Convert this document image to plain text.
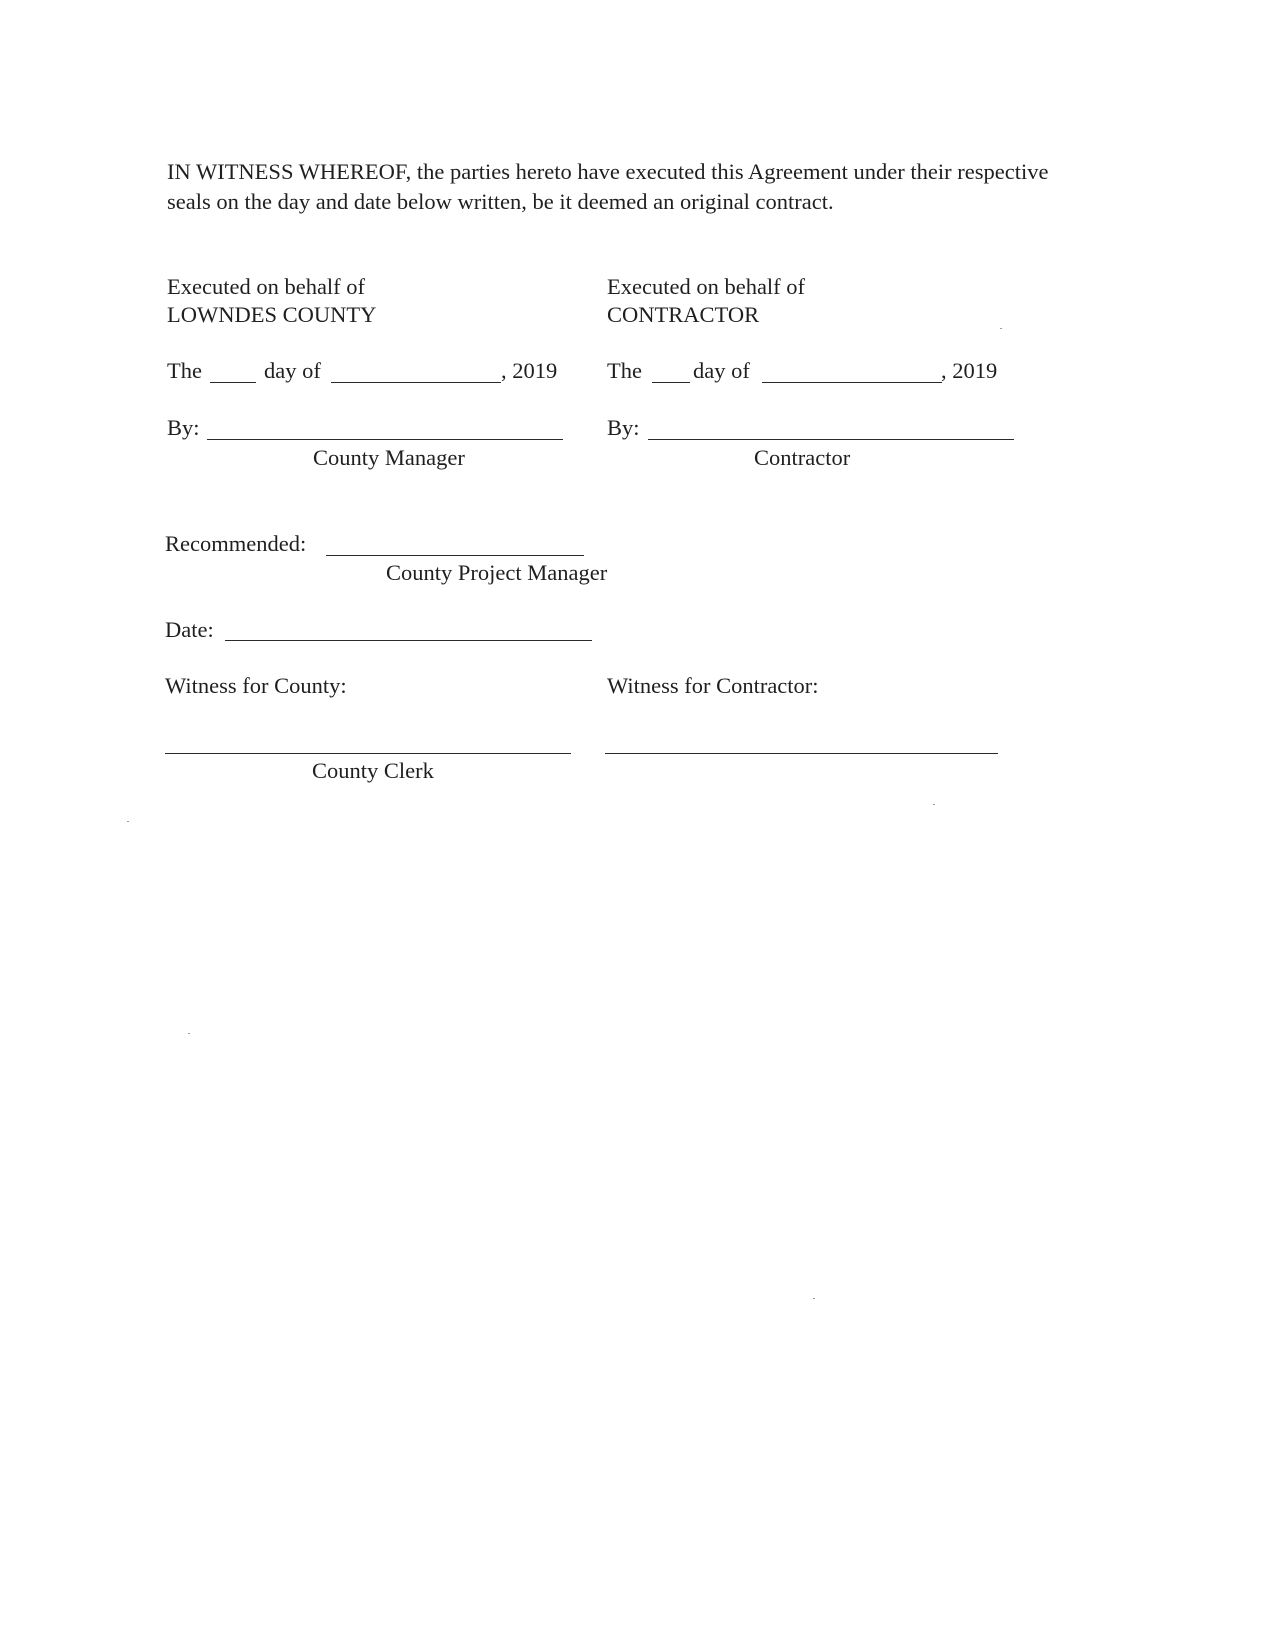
IN WITNESS WHEREOF, the parties hereto have executed this Agreement under their respective
seals on the day and date below written, be it deemed an original contract.
Executed on behalf of
LOWNDES COUNTY
The	day of	, 2019
By:
County Manager
Executed on behalf of
CONTRACTOR
The day of	, 2019
By:
Contractor
Recommended:
County Project Manager
Date:
Witness for County:	Witness for Contractor:
County Clerk
